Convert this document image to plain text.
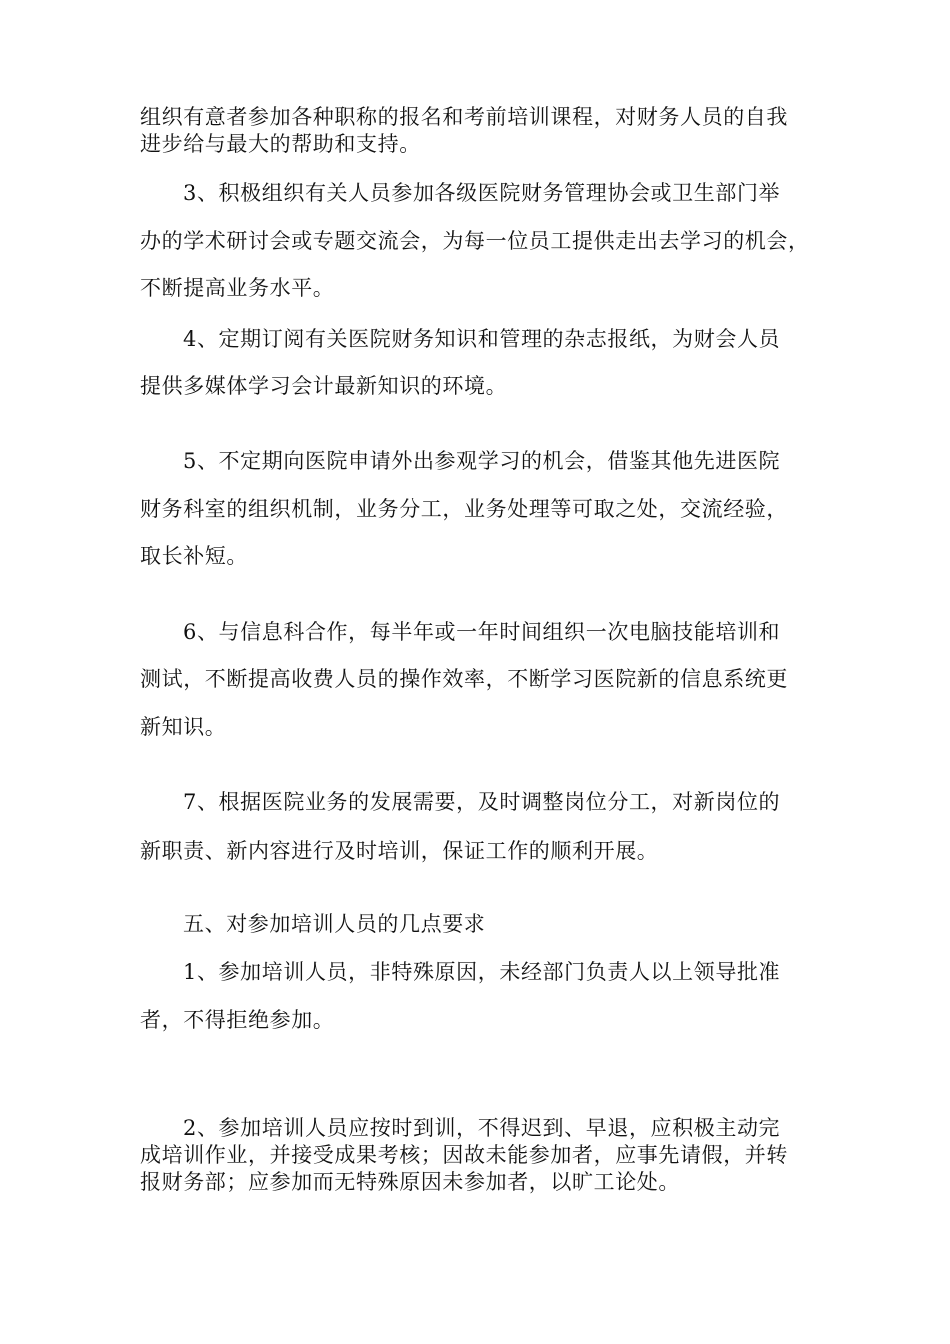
组织有意者参加各种职称的报名和考前培训课程，对财务人员的自我
进步给与最大的帮助和支持。
3、积极组织有关人员参加各级医院财务管理协会或卫生部门举
办的学术研讨会或专题交流会，为每一位员工提供走出去学习的机会，
不断提高业务水平。
4、定期订阅有关医院财务知识和管理的杂志报纸，为财会人员
提供多媒体学习会计最新知识的环境。
5、不定期向医院申请外出参观学习的机会，借鉴其他先进医院
财务科室的组织机制，业务分工，业务处理等可取之处，交流经验，
取长补短。
6、与信息科合作，每半年或一年时间组织一次电脑技能培训和
测试，不断提高收费人员的操作效率，不断学习医院新的信息系统更
新知识。
7、根据医院业务的发展需要，及时调整岗位分工，对新岗位的
新职责、新内容进行及时培训，保证工作的顺利开展。
五、对参加培训人员的几点要求
1、参加培训人员，非特殊原因，未经部门负责人以上领导批准
者，不得拒绝参加。
2、参加培训人员应按时到训，不得迟到、早退，应积极主动完
成培训作业，并接受成果考核；因故未能参加者，应事先请假，并转
报财务部；应参加而无特殊原因未参加者，以旷工论处。
